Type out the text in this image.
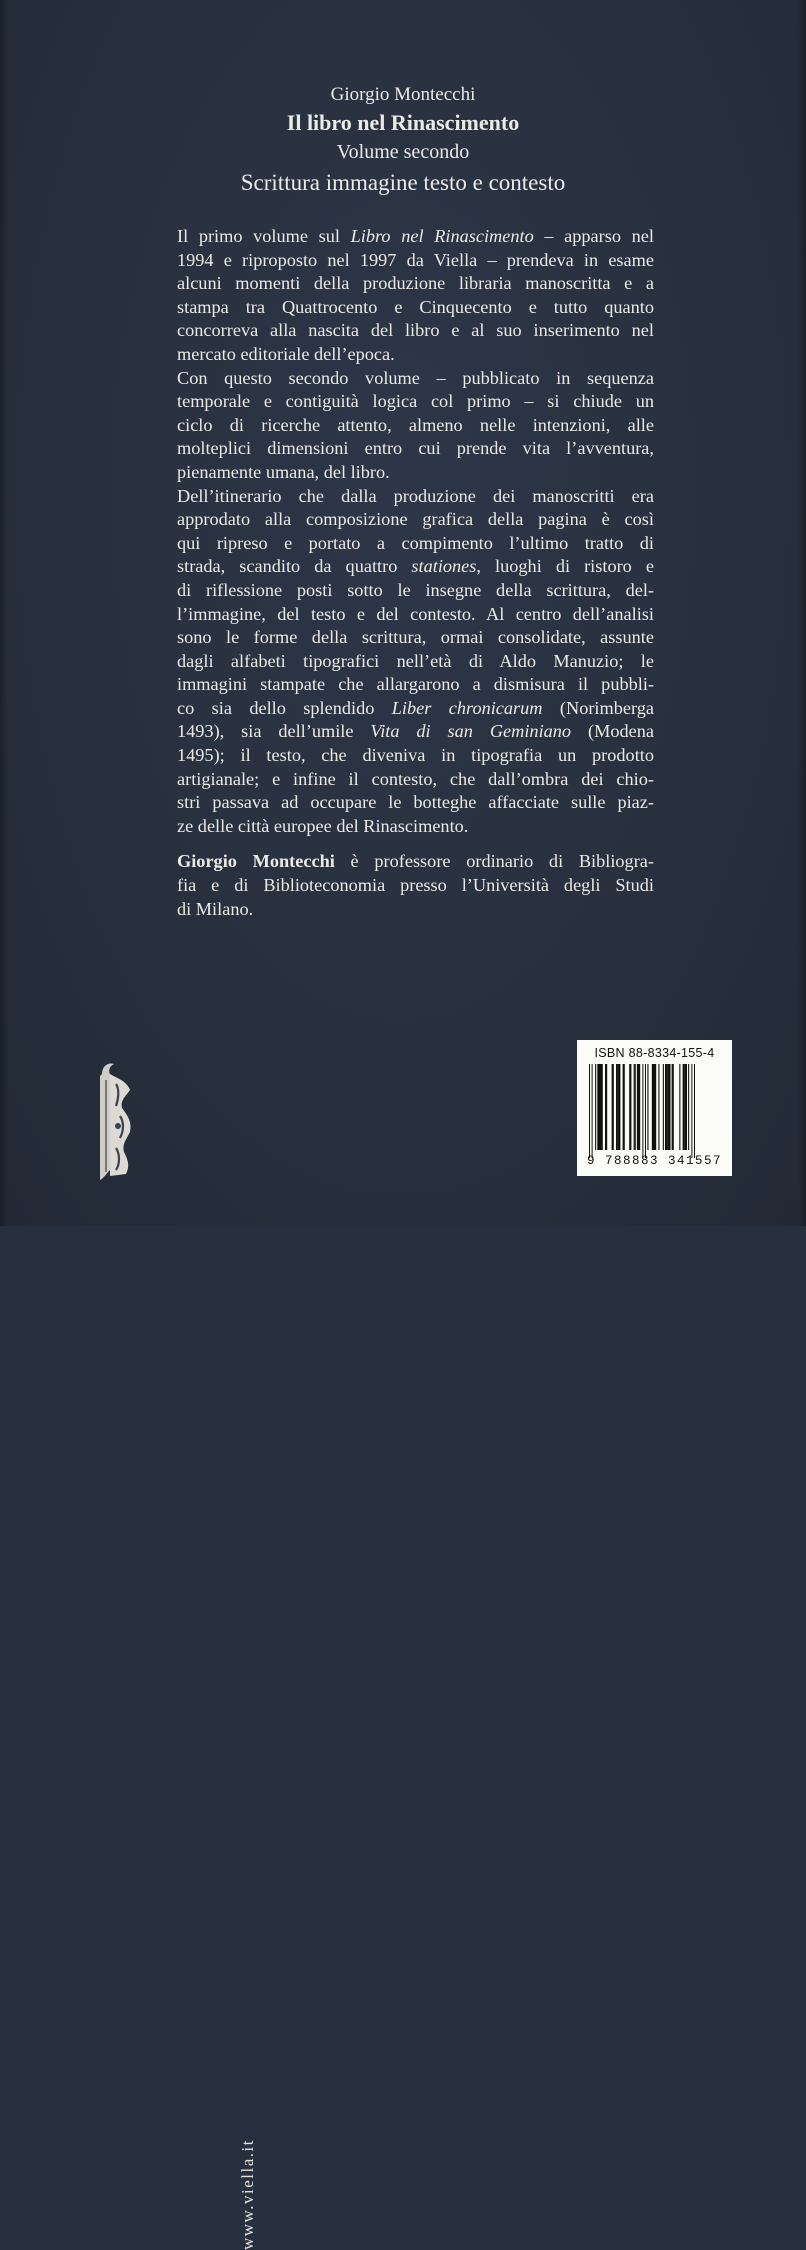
Giorgio Montecchi
Il libro nel Rinascimento
Volume secondo
Scrittura immagine testo e contesto

Il primo volume sul Libro nel Rinascimento – apparso nel
1994 e riproposto nel 1997 da Viella – prendeva in esame
alcuni momenti della produzione libraria manoscritta e a
stampa tra Quattrocento e Cinquecento e tutto quanto
concorreva alla nascita del libro e al suo inserimento nel
mercato editoriale dell’epoca.

Con questo secondo volume – pubblicato in sequenza
temporale e contiguità logica col primo – si chiude un
ciclo di ricerche attento, almeno nelle intenzioni, alle
molteplici dimensioni entro cui prende vita l’avventura,
pienamente umana, del libro.

Dell’itinerario che dalla produzione dei manoscritti era
approdato alla composizione grafica della pagina è così
qui ripreso e portato a compimento l’ultimo tratto di
strada, scandito da quattro stationes, luoghi di ristoro e
di riflessione posti sotto le insegne della scrittura, del-
l’immagine, del testo e del contesto. Al centro dell’analisi
sono le forme della scrittura, ormai consolidate, assunte
dagli alfabeti tipografici nell’età di Aldo Manuzio; le
immagini stampate che allargarono a dismisura il pubbli-
co sia dello splendido Liber chronicarum (Norimberga
1493), sia dell’umile Vita di san Geminiano (Modena
1495); il testo, che diveniva in tipografia un prodotto
artigianale; e infine il contesto, che dall’ombra dei chio-
stri passava ad occupare le botteghe affacciate sulle piaz-
ze delle città europee del Rinascimento.

Giorgio Montecchi è professore ordinario di Bibliogra-
fia e di Biblioteconomia presso l’Università degli Studi
di Milano.

www.viella.it
ISBN 88-8334-155-4
9 788883 341557
